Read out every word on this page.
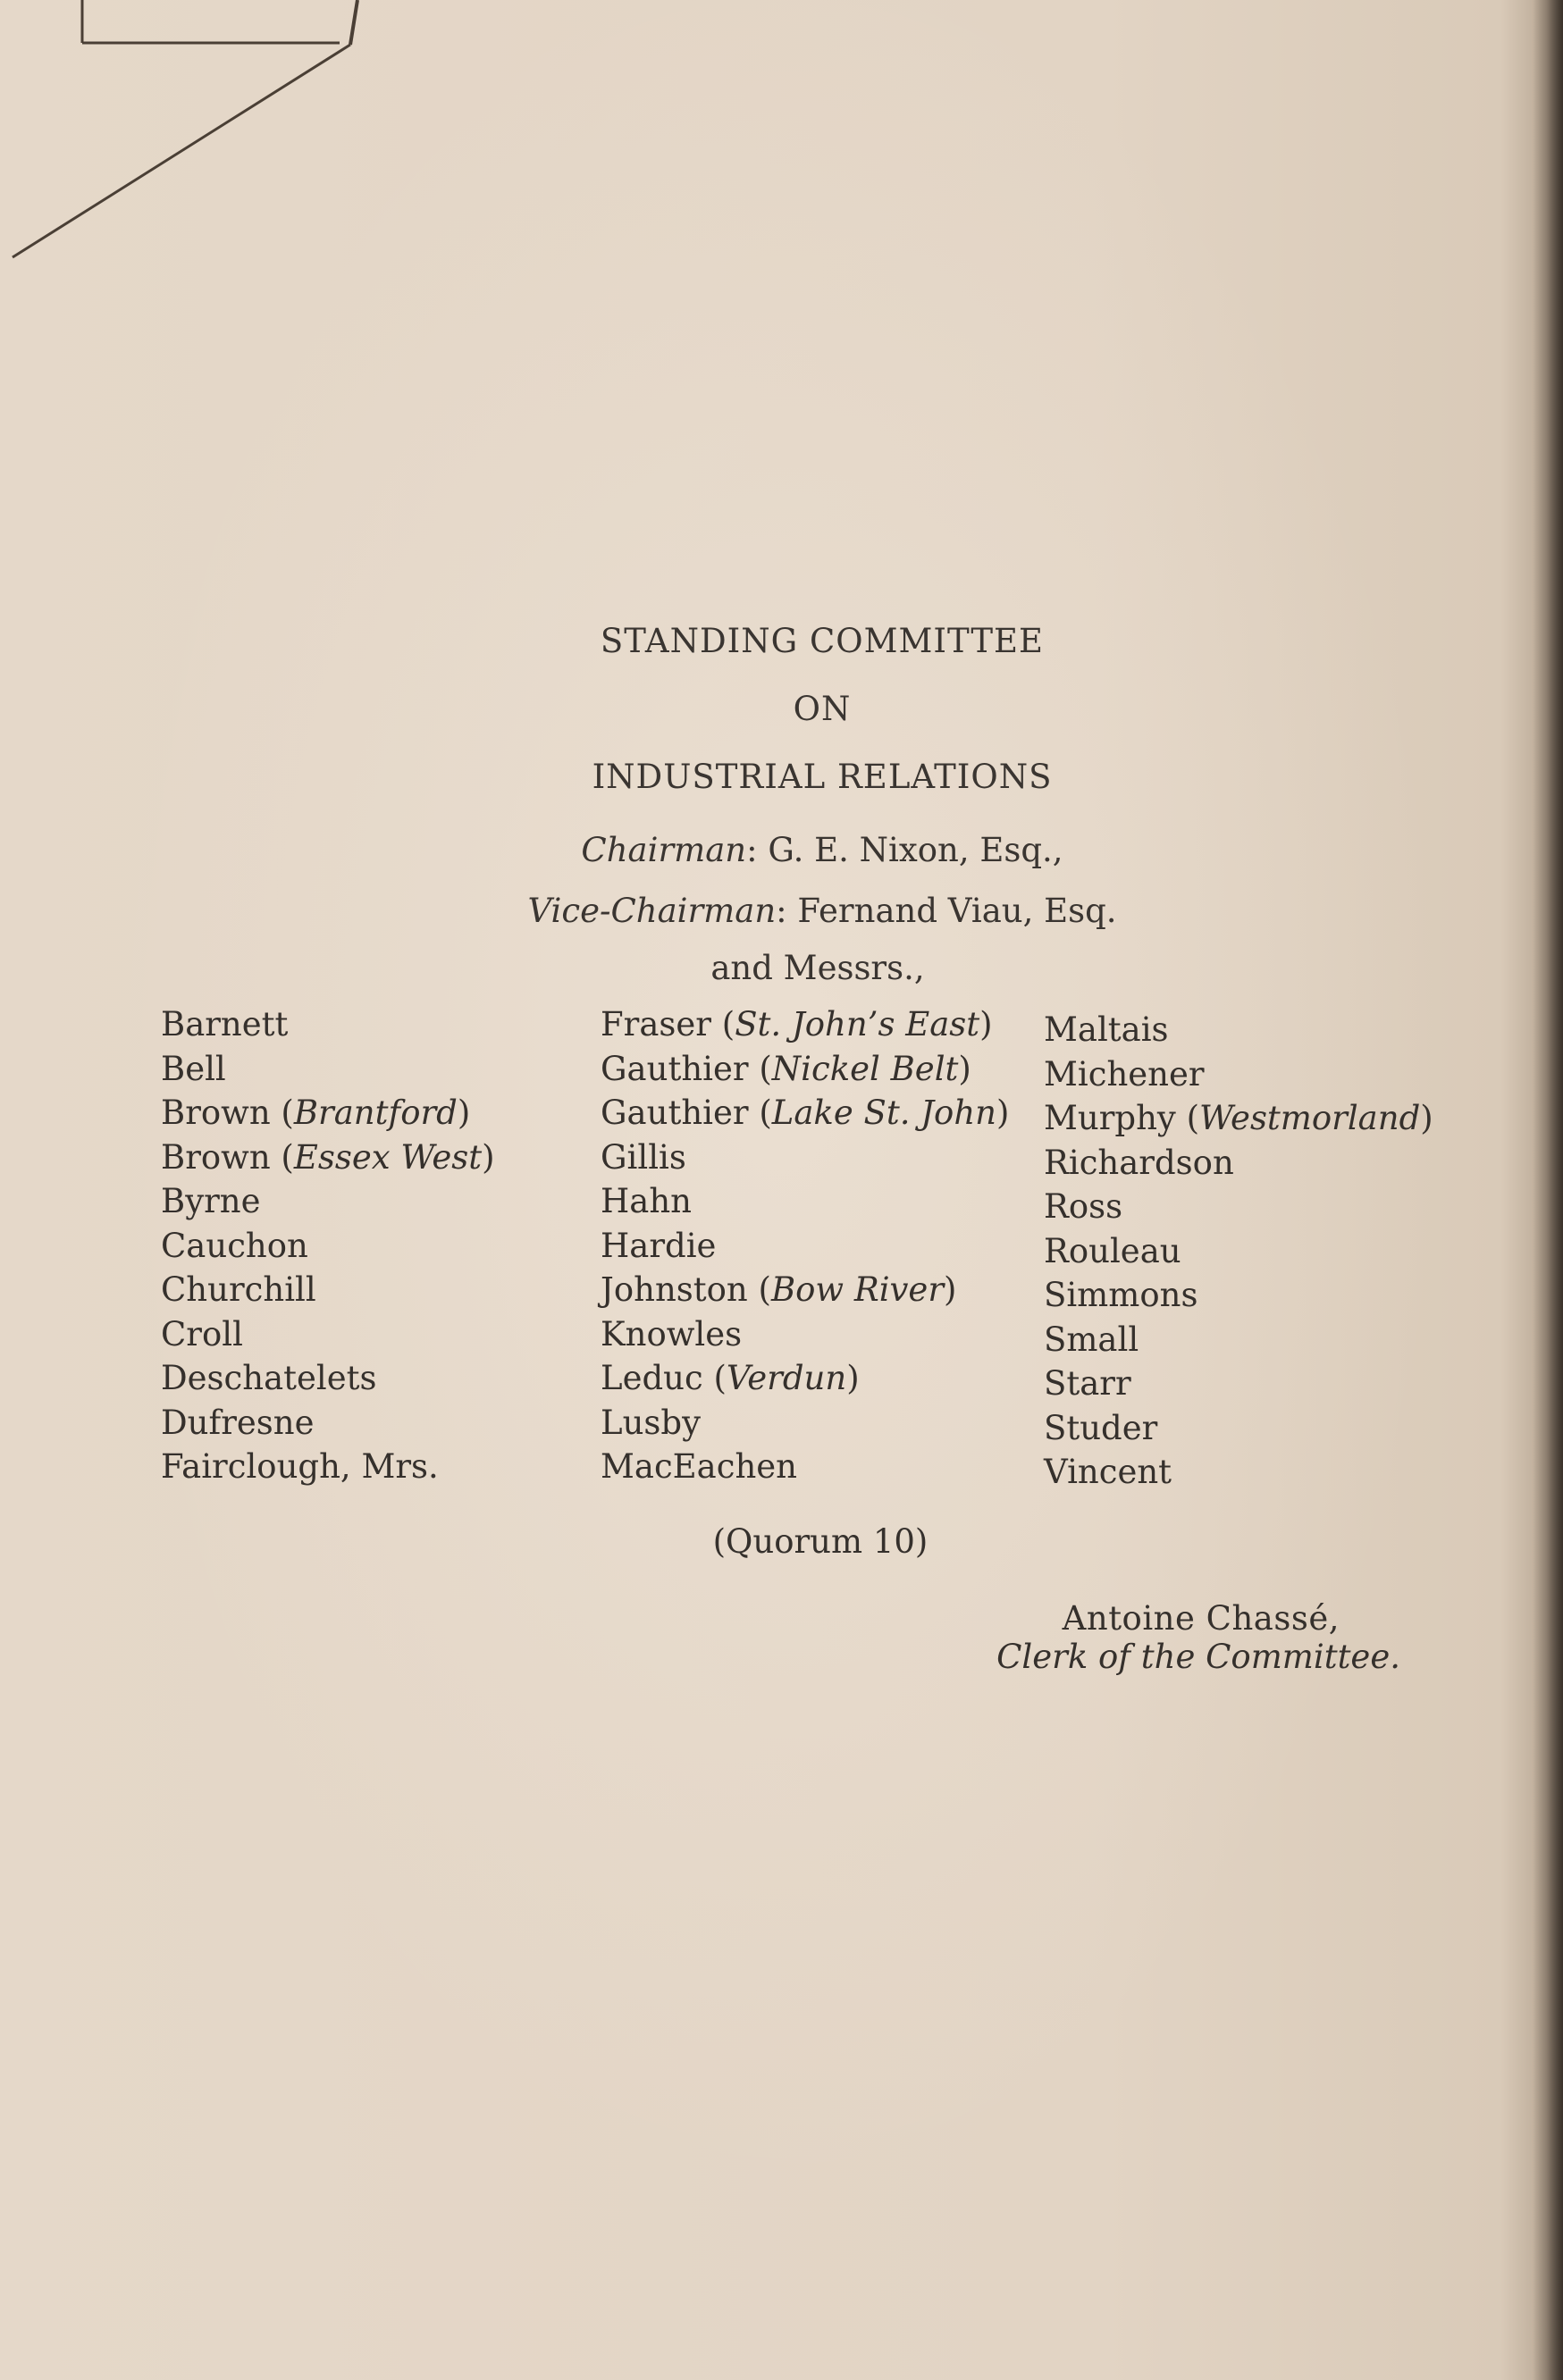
STANDING COMMITTEE
ON
INDUSTRIAL RELATIONS
Chairman: G. E. Nixon, Esq.,
Vice-Chairman: Fernand Viau, Esq.
and Messrs.,
Barnett
Bell
Brown (Brantford)
Brown (Essex West)
Byrne
Cauchon
Churchill
Croll
Deschatelets
Dufresne
Fairclough, Mrs.
Fraser (St. John’s East)
Gauthier (Nickel Belt)
Gauthier (Lake St. John)
Gillis
Hahn
Hardie
Johnston (Bow River)
Knowles
Leduc (Verdun)
Lusby
MacEachen
Maltais
Michener
Murphy (Westmorland)
Richardson
Ross
Rouleau
Simmons
Small
Starr
Studer
Vincent
(Quorum 10)
Antoine Chassé,
Clerk of the Committee.
